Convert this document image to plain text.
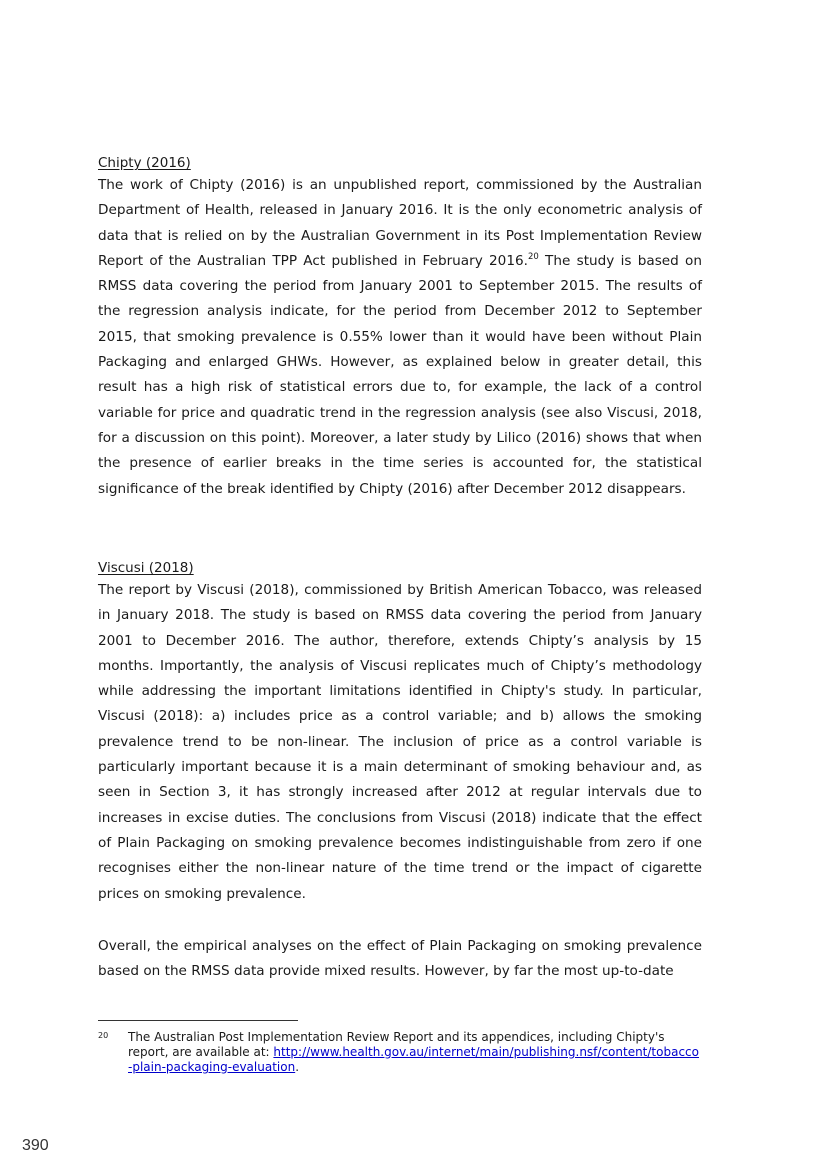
Chipty (2016)

The work of Chipty (2016) is an unpublished report, commissioned by the Australian Department of Health, released in January 2016. It is the only econometric analysis of data that is relied on by the Australian Government in its Post Implementation Review Report of the Australian TPP Act published in February 2016.20 The study is based on RMSS data covering the period from January 2001 to September 2015. The results of the regression analysis indicate, for the period from December 2012 to September 2015, that smoking prevalence is 0.55% lower than it would have been without Plain Packaging and enlarged GHWs. However, as explained below in greater detail, this result has a high risk of statistical errors due to, for example, the lack of a control variable for price and quadratic trend in the regression analysis (see also Viscusi, 2018, for a discussion on this point). Moreover, a later study by Lilico (2016) shows that when the presence of earlier breaks in the time series is accounted for, the statistical significance of the break identified by Chipty (2016) after December 2012 disappears.

Viscusi (2018)

The report by Viscusi (2018), commissioned by British American Tobacco, was released in January 2018. The study is based on RMSS data covering the period from January 2001 to December 2016. The author, therefore, extends Chipty’s analysis by 15 months. Importantly, the analysis of Viscusi replicates much of Chipty’s methodology while addressing the important limitations identified in Chipty's study. In particular, Viscusi (2018): a) includes price as a control variable; and b) allows the smoking prevalence trend to be non-linear. The inclusion of price as a control variable is particularly important because it is a main determinant of smoking behaviour and, as seen in Section 3, it has strongly increased after 2012 at regular intervals due to increases in excise duties. The conclusions from Viscusi (2018) indicate that the effect of Plain Packaging on smoking prevalence becomes indistinguishable from zero if one recognises either the non-linear nature of the time trend or the impact of cigarette prices on smoking prevalence.

Overall, the empirical analyses on the effect of Plain Packaging on smoking prevalence based on the RMSS data provide mixed results. However, by far the most up-to-date

20	The Australian Post Implementation Review Report and its appendices, including Chipty's report, are available at: http://www.health.gov.au/internet/main/publishing.nsf/content/tobacco-plain-packaging-evaluation.
390
